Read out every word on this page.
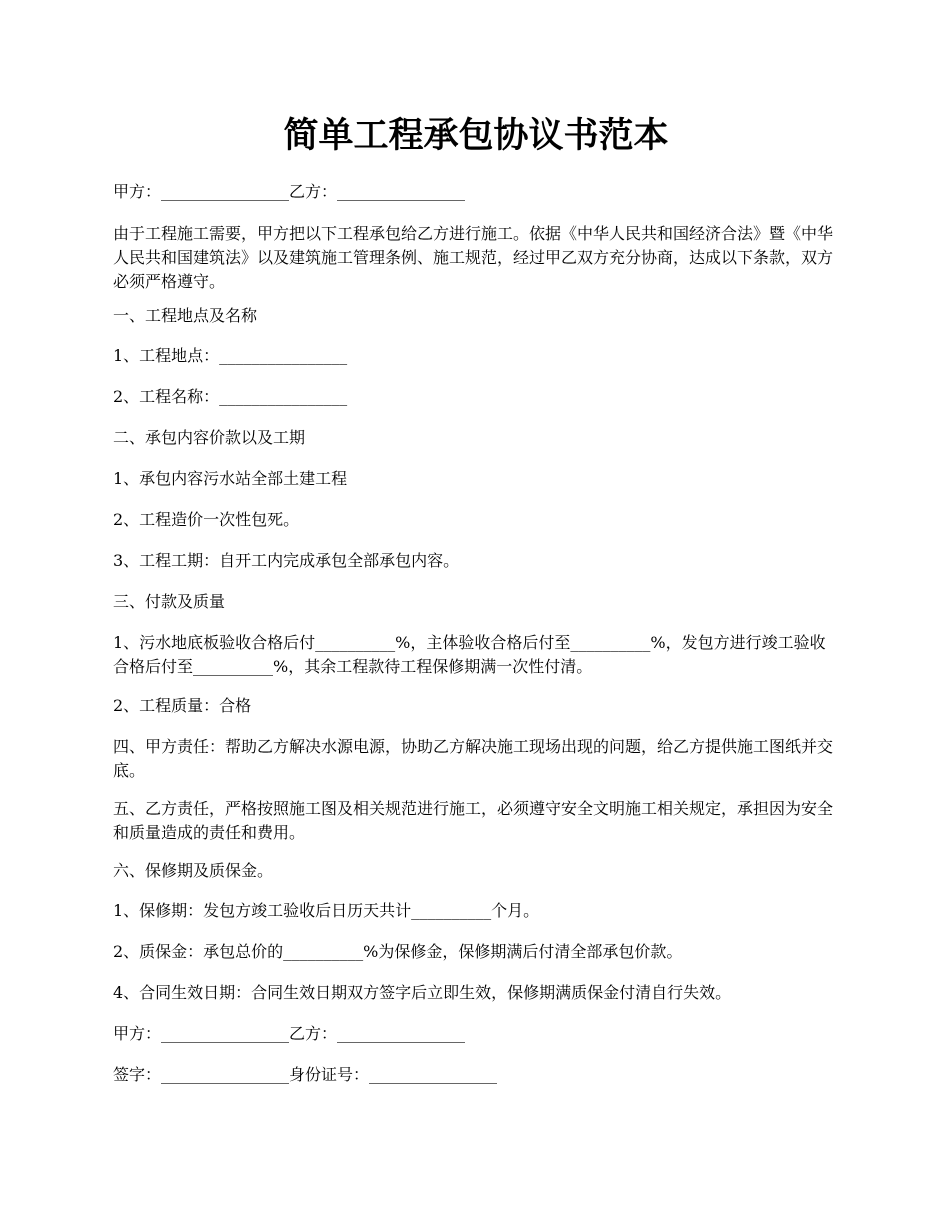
简单工程承包协议书范本

甲方：________________乙方：________________

由于工程施工需要，甲方把以下工程承包给乙方进行施工。依据《中华人民共和国经济合法》暨《中华人民共和国建筑法》以及建筑施工管理条例、施工规范，经过甲乙双方充分协商，达成以下条款，双方必须严格遵守。

一、工程地点及名称

1、工程地点：________________

2、工程名称：________________

二、承包内容价款以及工期

1、承包内容污水站全部土建工程

2、工程造价一次性包死。

3、工程工期：自开工内完成承包全部承包内容。

三、付款及质量

1、污水地底板验收合格后付__________%，主体验收合格后付至__________%，发包方进行竣工验收合格后付至__________%，其余工程款待工程保修期满一次性付清。

2、工程质量：合格

四、甲方责任：帮助乙方解决水源电源，协助乙方解决施工现场出现的问题，给乙方提供施工图纸并交底。

五、乙方责任，严格按照施工图及相关规范进行施工，必须遵守安全文明施工相关规定，承担因为安全和质量造成的责任和费用。

六、保修期及质保金。

1、保修期：发包方竣工验收后日历天共计__________个月。

2、质保金：承包总价的__________%为保修金，保修期满后付清全部承包价款。

4、合同生效日期：合同生效日期双方签字后立即生效，保修期满质保金付清自行失效。

甲方：________________乙方：________________

签字：________________身份证号：________________
